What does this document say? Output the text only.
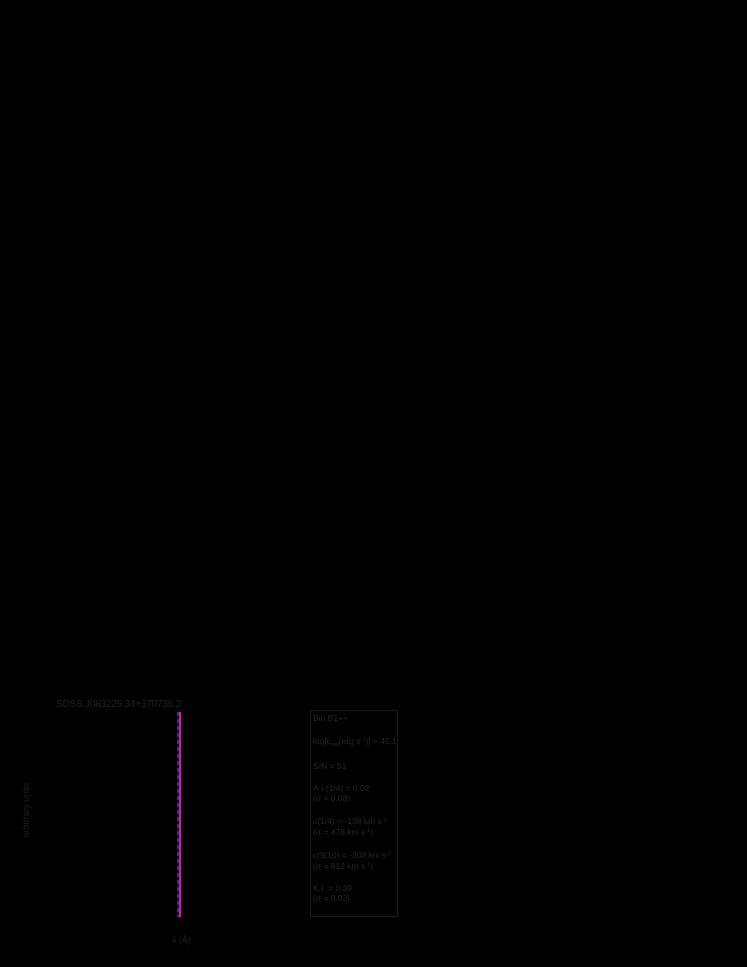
SDSS J083225.34+370736.2
arbitrary units
λ (Å)
Bin B1++
$\log[L_{bol}(erg$ $s^{-1})] = 45.1$
S/N = 51
A.I.(1/4) = 0.02
(σ = 0.08)
c(1/4) = -138 km $s^{-1}$
(σ = 478 km $s^{-1}$)
c(9/10) = -208 km $s^{-1}$
(σ = 812 km $s^{-1}$)
K.I. = 0.39
(σ = 0.03)
